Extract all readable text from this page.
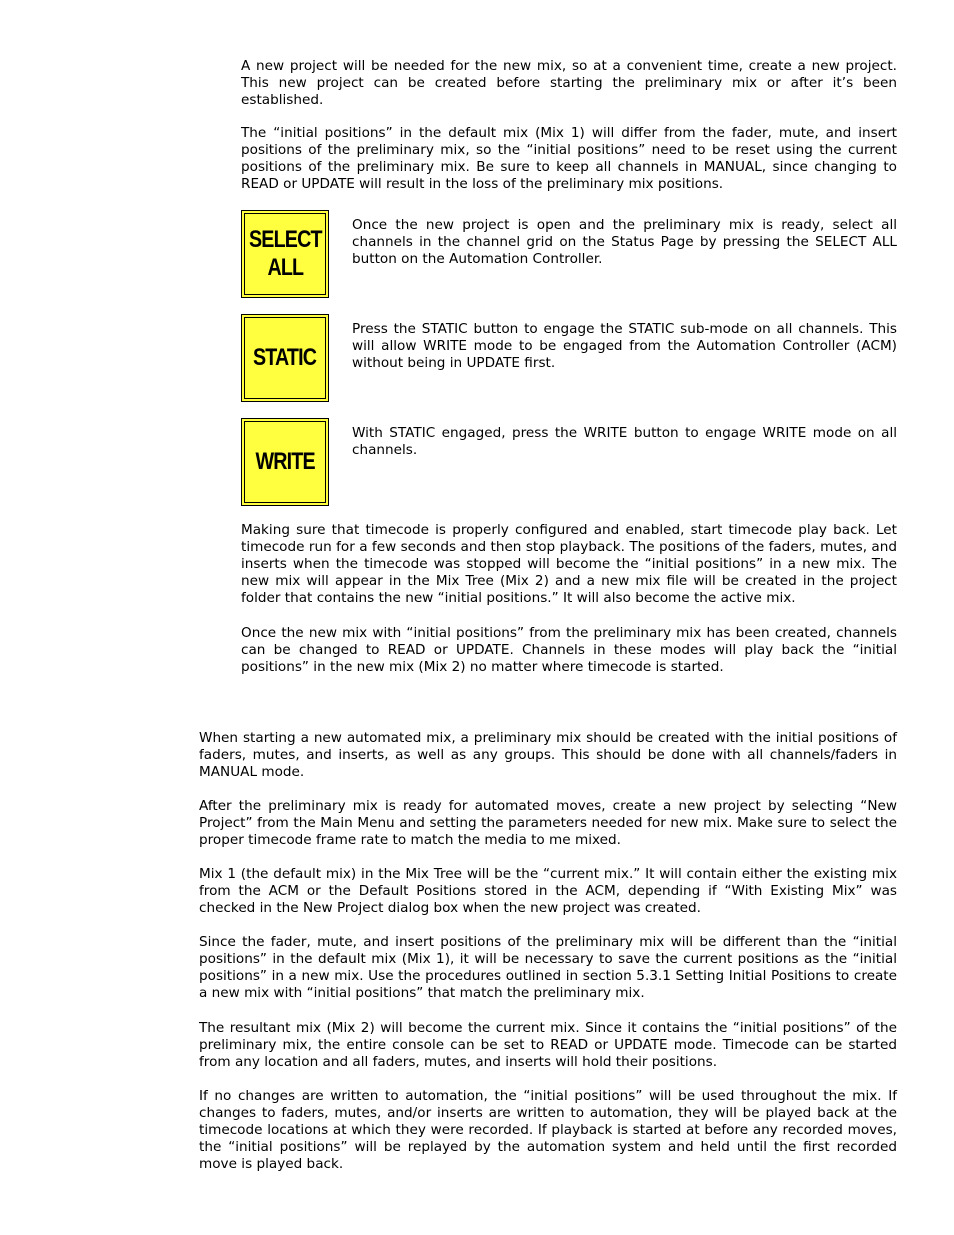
A new project will be needed for the new mix, so at a convenient time, create a new project. This new project can be created before starting the preliminary mix or after it’s been established.

The “initial positions” in the default mix (Mix 1) will differ from the fader, mute, and insert positions of the preliminary mix, so the “initial positions” need to be reset using the current positions of the preliminary mix. Be sure to keep all channels in MANUAL, since changing to READ or UPDATE will result in the loss of the preliminary mix positions.

SELECT
ALL

Once the new project is open and the preliminary mix is ready, select all channels in the channel grid on the Status Page by pressing the SELECT ALL button on the Automation Controller.

STATIC

Press the STATIC button to engage the STATIC sub-mode on all channels. This will allow WRITE mode to be engaged from the Automation Controller (ACM) without being in UPDATE first.

WRITE

With STATIC engaged, press the WRITE button to engage WRITE mode on all channels.

Making sure that timecode is properly configured and enabled, start timecode play back. Let timecode run for a few seconds and then stop playback. The positions of the faders, mutes, and inserts when the timecode was stopped will become the “initial positions” in a new mix. The new mix will appear in the Mix Tree (Mix 2) and a new mix file will be created in the project folder that contains the new “initial positions.” It will also become the active mix.

Once the new mix with “initial positions” from the preliminary mix has been created, channels can be changed to READ or UPDATE. Channels in these modes will play back the “initial positions” in the new mix (Mix 2) no matter where timecode is started.

When starting a new automated mix, a preliminary mix should be created with the initial positions of faders, mutes, and inserts, as well as any groups. This should be done with all channels/faders in MANUAL mode.

After the preliminary mix is ready for automated moves, create a new project by selecting “New Project” from the Main Menu and setting the parameters needed for new mix. Make sure to select the proper timecode frame rate to match the media to me mixed.

Mix 1 (the default mix) in the Mix Tree will be the “current mix.” It will contain either the existing mix from the ACM or the Default Positions stored in the ACM, depending if “With Existing Mix” was checked in the New Project dialog box when the new project was created.

Since the fader, mute, and insert positions of the preliminary mix will be different than the “initial positions” in the default mix (Mix 1), it will be necessary to save the current positions as the “initial positions” in a new mix. Use the procedures outlined in section 5.3.1 Setting Initial Positions to create a new mix with “initial positions” that match the preliminary mix.

The resultant mix (Mix 2) will become the current mix. Since it contains the “initial positions” of the preliminary mix, the entire console can be set to READ or UPDATE mode. Timecode can be started from any location and all faders, mutes, and inserts will hold their positions.

If no changes are written to automation, the “initial positions” will be used throughout the mix. If changes to faders, mutes, and/or inserts are written to automation, they will be played back at the timecode locations at which they were recorded. If playback is started at before any recorded moves, the “initial positions” will be replayed by the automation system and held until the first recorded move is played back.
